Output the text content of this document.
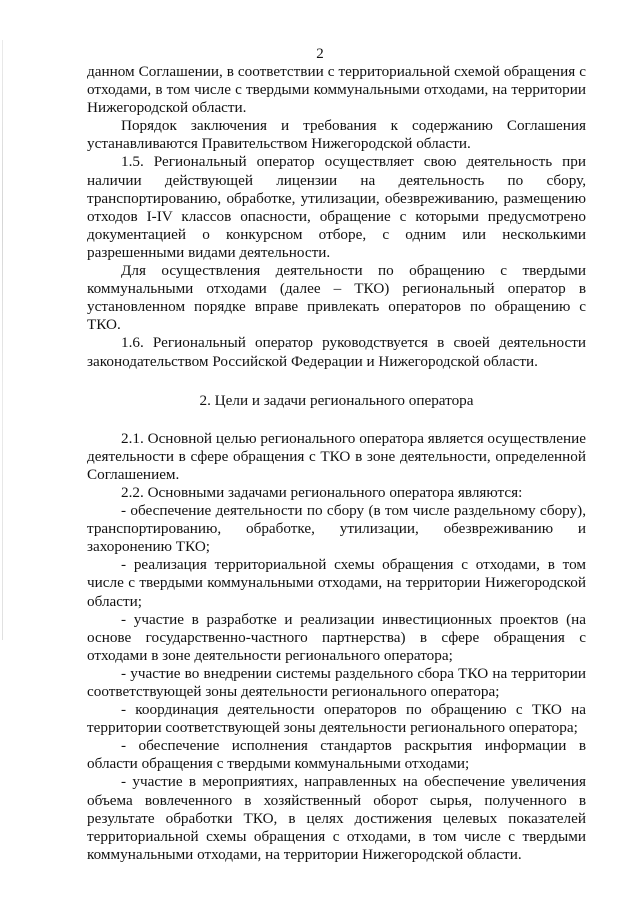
2

данном Соглашении, в соответствии с территориальной схемой обращения с отходами, в том числе с твердыми коммунальными отходами, на территории Нижегородской области.

Порядок заключения и требования к содержанию Соглашения устанавливаются Правительством Нижегородской области.

1.5. Региональный оператор осуществляет свою деятельность при наличии действующей лицензии на деятельность по сбору, транспортированию, обработке, утилизации, обезвреживанию, размещению отходов I-IV классов опасности, обращение с которыми предусмотрено документацией о конкурсном отборе, с одним или несколькими разрешенными видами деятельности.

Для осуществления деятельности по обращению с твердыми коммунальными отходами (далее – ТКО) региональный оператор в установленном порядке вправе привлекать операторов по обращению с ТКО.

1.6. Региональный оператор руководствуется в своей деятельности законодательством Российской Федерации и Нижегородской области.

2. Цели и задачи регионального оператора

2.1. Основной целью регионального оператора является осуществление деятельности в сфере обращения с ТКО в зоне деятельности, определенной Соглашением.

2.2. Основными задачами регионального оператора являются:

- обеспечение деятельности по сбору (в том числе раздельному сбору), транспортированию, обработке, утилизации, обезвреживанию и захоронению ТКО;

- реализация территориальной схемы обращения с отходами, в том числе с твердыми коммунальными отходами, на территории Нижегородской области;

- участие в разработке и реализации инвестиционных проектов (на основе государственно-частного партнерства) в сфере обращения с отходами в зоне деятельности регионального оператора;

- участие во внедрении системы раздельного сбора ТКО на территории соответствующей зоны деятельности регионального оператора;

- координация деятельности операторов по обращению с ТКО на территории соответствующей зоны деятельности регионального оператора;

- обеспечение исполнения стандартов раскрытия информации в области обращения с твердыми коммунальными отходами;

- участие в мероприятиях, направленных на обеспечение увеличения объема вовлеченного в хозяйственный оборот сырья, полученного в результате обработки ТКО, в целях достижения целевых показателей территориальной схемы обращения с отходами, в том числе с твердыми коммунальными отходами, на территории Нижегородской области.
